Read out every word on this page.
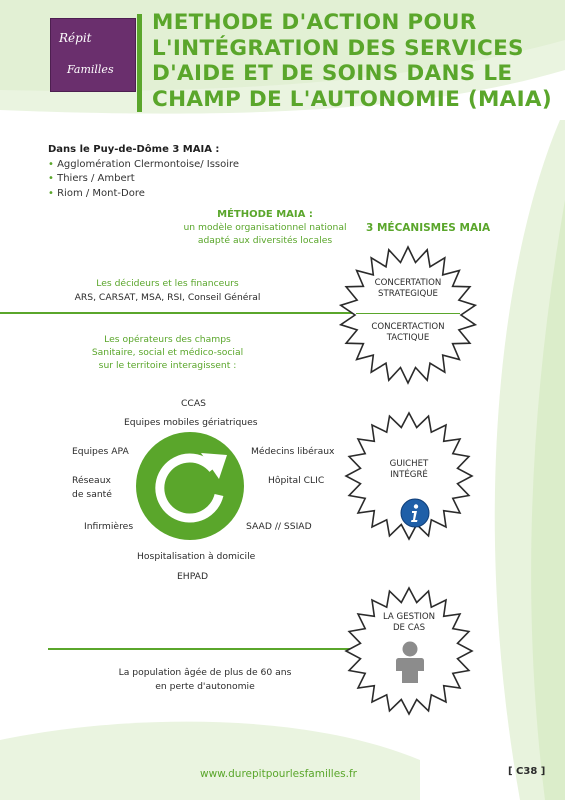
Répit
Familles
METHODE D'ACTION POUR
L'INTÉGRATION DES SERVICES
D'AIDE ET DE SOINS DANS LE
CHAMP DE L'AUTONOMIE (MAIA)
Dans le Puy-de-Dôme 3 MAIA :
• Agglomération Clermontoise/ Issoire
• Thiers / Ambert
• Riom / Mont-Dore
MÉTHODE MAIA :
un modèle organisationnel national
adapté aux diversités locales
3 MÉCANISMES MAIA
Les décideurs et les financeurs
ARS, CARSAT, MSA, RSI, Conseil Général
Les opérateurs des champs
Sanitaire, social et médico-social
sur le territoire interagissent :
CCAS
Equipes mobiles gériatriques
Equipes APA	Médecins libéraux
Réseaux
de santé
Hôpital CLIC
Infirmières	SAAD // SSIAD
Hospitalisation à domicile
EHPAD
CONCERTATION
STRATEGIQUE
CONCERTACTION
TACTIQUE
GUICHET
INTÉGRÉ
LA GESTION
DE CAS
La population âgée de plus de 60 ans
en perte d'autonomie
www.durepitpourlesfamilles.fr	[ C38 ]
